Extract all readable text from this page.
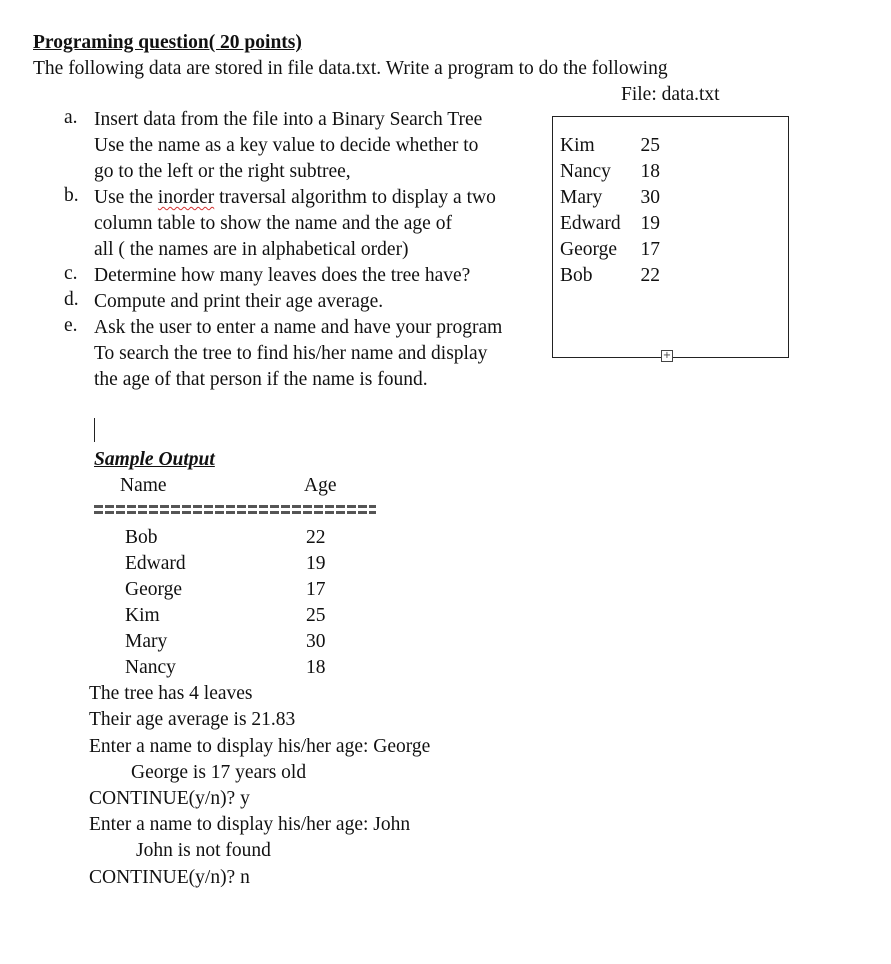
Programing question( 20 points)
The following data are stored in file data.txt. Write a program to do the following
File: data.txt
a. Insert data from the file into a Binary Search Tree
Use the name as a key value to decide whether to
go to the left or the right subtree,
b. Use the inorder traversal algorithm to display a two
column table to show the name and the age of
all ( the names are in alphabetical order)
c. Determine how many leaves does the tree have?
d. Compute and print their age average.
e. Ask the user to enter a name and have your program
To search the tree to find his/her name and display
the age of that person if the name is found.
Kim 25
Nancy 18
Mary 30
Edward 19
George 17
Bob 22
+
Sample Output
Name	Age
Bob	22
Edward	19
George	17
Kim	25
Mary	30
Nancy	18
The tree has 4 leaves
Their age average is 21.83
Enter a name to display his/her age: George
George is 17 years old
CONTINUE(y/n)? y
Enter a name to display his/her age: John
John is not found
CONTINUE(y/n)? n
